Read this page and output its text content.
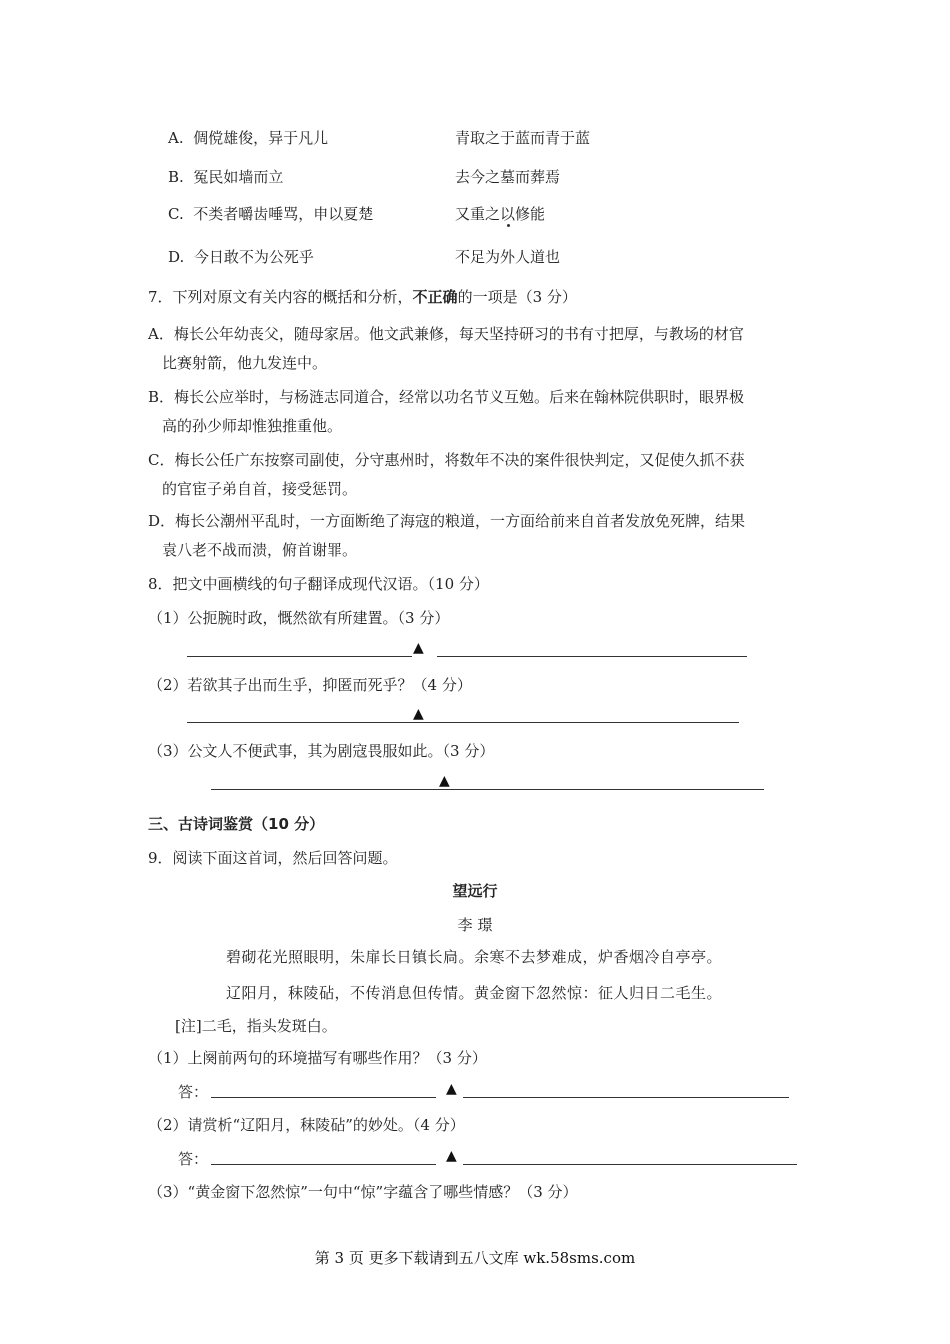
A. 倜傥雄俊，异于凡儿	青取之于蓝而青于蓝
B. 冤民如墙而立	去今之墓而葬焉
C. 不类者嚼齿唾骂，申以夏楚	又重之以修能
D. 今日敢不为公死乎	不足为外人道也
7．下列对原文有关内容的概括和分析，不正确的一项是（3 分）
A．梅长公年幼丧父，随母家居。他文武兼修，每天坚持研习的书有寸把厚，与教场的材官
比赛射箭，他九发连中。
B．梅长公应举时，与杨涟志同道合，经常以功名节义互勉。后来在翰林院供职时，眼界极
高的孙少师却惟独推重他。
C．梅长公任广东按察司副使，分守惠州时，将数年不决的案件很快判定，又促使久抓不获
的官宦子弟自首，接受惩罚。
D．梅长公潮州平乱时，一方面断绝了海寇的粮道，一方面给前来自首者发放免死牌，结果
袁八老不战而溃，俯首谢罪。
8．把文中画横线的句子翻译成现代汉语。（10 分）
（1）公扼腕时政，慨然欲有所建置。（3 分）
▲
（2）若欲其子出而生乎，抑匿而死乎？（4 分）
▲
（3）公文人不便武事，其为剧寇畏服如此。（3 分）
▲
三、古诗词鉴赏（10 分）
9．阅读下面这首词，然后回答问题。
望远行
李 璟
碧砌花光照眼明，朱扉长日镇长扃。余寒不去梦难成，炉香烟冷自亭亭。
辽阳月，秣陵砧，不传消息但传情。黄金窗下忽然惊：征人归日二毛生。
[注]二毛，指头发斑白。
（1）上阕前两句的环境描写有哪些作用？（3 分）
答：	▲
（2）请赏析“辽阳月，秣陵砧”的妙处。（4 分）
答：	▲
（3）“黄金窗下忽然惊”一句中“惊”字蕴含了哪些情感？（3 分）
第 3 页 更多下载请到五八文库 wk.58sms.com
